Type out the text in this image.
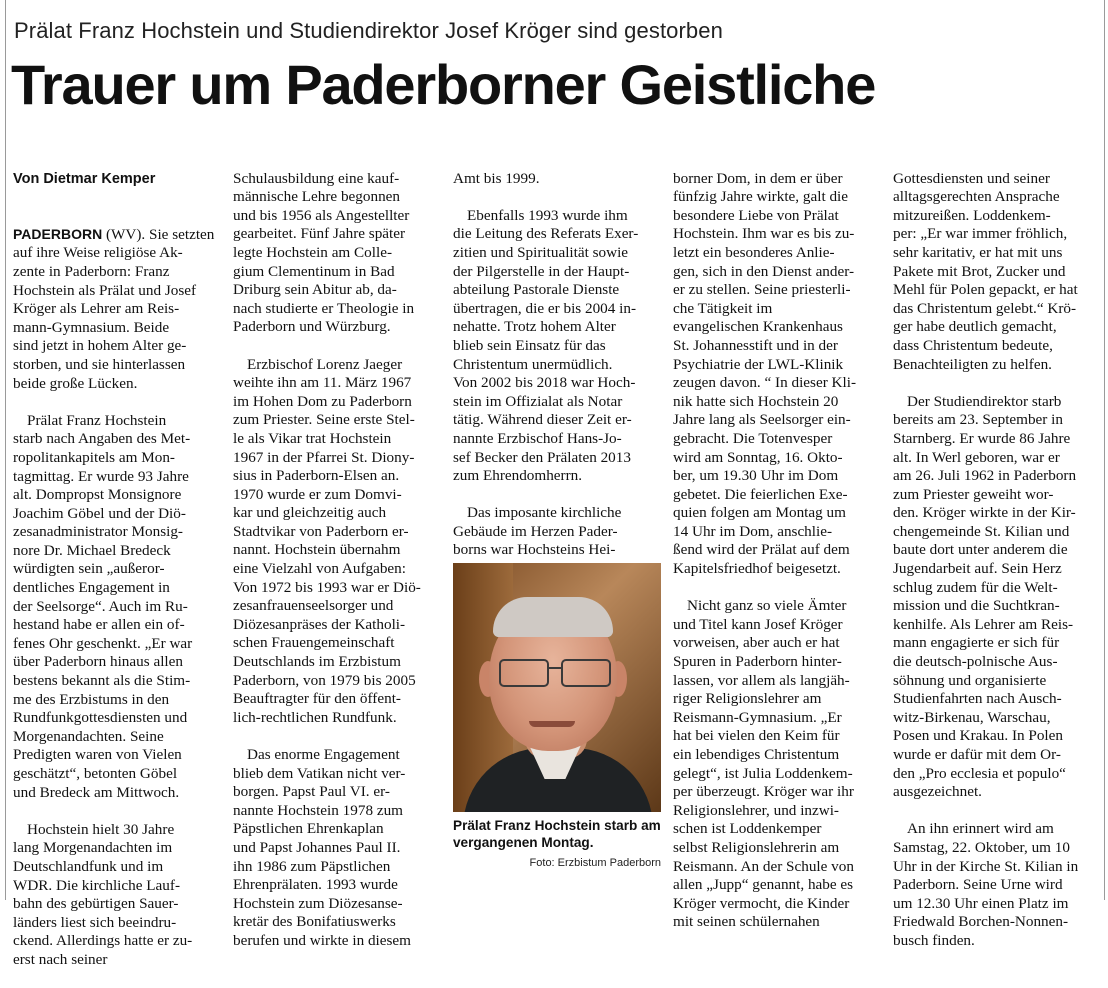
Prälat Franz Hochstein und Studiendirektor Josef Kröger sind gestorben
Trauer um Paderborner Geistliche

Von Dietmar Kemper

PADERBORN (WV). Sie setzten
auf ihre Weise religiöse Ak-
zente in Paderborn: Franz
Hochstein als Prälat und Josef
Kröger als Lehrer am Reis-
mann-Gymnasium. Beide
sind jetzt in hohem Alter ge-
storben, und sie hinterlassen
beide große Lücken.

Prälat Franz Hochstein
starb nach Angaben des Met-
ropolitankapitels am Mon-
tagmittag. Er wurde 93 Jahre
alt. Dompropst Monsignore
Joachim Göbel und der Diö-
zesanadministrator Monsig-
nore Dr. Michael Bredeck
würdigten sein „außeror-
dentliches Engagement in
der Seelsorge“. Auch im Ru-
hestand habe er allen ein of-
fenes Ohr geschenkt. „Er war
über Paderborn hinaus allen
bestens bekannt als die Stim-
me des Erzbistums in den
Rundfunkgottesdiensten und
Morgenandachten. Seine
Predigten waren von Vielen
geschätzt“, betonten Göbel
und Bredeck am Mittwoch.

Hochstein hielt 30 Jahre
lang Morgenandachten im
Deutschlandfunk und im
WDR. Die kirchliche Lauf-
bahn des gebürtigen Sauer-
länders liest sich beeindru-
ckend. Allerdings hatte er zu-
erst nach seiner

Schulausbildung eine kauf-
männische Lehre begonnen
und bis 1956 als Angestellter
gearbeitet. Fünf Jahre später
legte Hochstein am Colle-
gium Clementinum in Bad
Driburg sein Abitur ab, da-
nach studierte er Theologie in
Paderborn und Würzburg.

Erzbischof Lorenz Jaeger
weihte ihn am 11. März 1967
im Hohen Dom zu Paderborn
zum Priester. Seine erste Stel-
le als Vikar trat Hochstein
1967 in der Pfarrei St. Diony-
sius in Paderborn-Elsen an.
1970 wurde er zum Domvi-
kar und gleichzeitig auch
Stadtvikar von Paderborn er-
nannt. Hochstein übernahm
eine Vielzahl von Aufgaben:
Von 1972 bis 1993 war er Diö-
zesanfrauenseelsorger und
Diözesanpräses der Katholi-
schen Frauengemeinschaft
Deutschlands im Erzbistum
Paderborn, von 1979 bis 2005
Beauftragter für den öffent-
lich-rechtlichen Rundfunk.

Das enorme Engagement
blieb dem Vatikan nicht ver-
borgen. Papst Paul VI. er-
nannte Hochstein 1978 zum
Päpstlichen Ehrenkaplan
und Papst Johannes Paul II.
ihn 1986 zum Päpstlichen
Ehrenprälaten. 1993 wurde
Hochstein zum Diözesanse-
kretär des Bonifatiuswerks
berufen und wirkte in diesem

Amt bis 1999.

Ebenfalls 1993 wurde ihm
die Leitung des Referats Exer-
zitien und Spiritualität sowie
der Pilgerstelle in der Haupt-
abteilung Pastorale Dienste
übertragen, die er bis 2004 in-
nehatte. Trotz hohem Alter
blieb sein Einsatz für das
Christentum unermüdlich.
Von 2002 bis 2018 war Hoch-
stein im Offizialat als Notar
tätig. Während dieser Zeit er-
nannte Erzbischof Hans-Jo-
sef Becker den Prälaten 2013
zum Ehrendomherrn.

Das imposante kirchliche
Gebäude im Herzen Pader-
borns war Hochsteins Hei-

Prälat Franz Hochstein starb am vergangenen Montag.
Foto: Erzbistum Paderborn

borner Dom, in dem er über
fünfzig Jahre wirkte, galt die
besondere Liebe von Prälat
Hochstein. Ihm war es bis zu-
letzt ein besonderes Anlie-
gen, sich in den Dienst ander-
er zu stellen. Seine priesterli-
che Tätigkeit im
evangelischen Krankenhaus
St. Johannesstift und in der
Psychiatrie der LWL-Klinik
zeugen davon. “ In dieser Kli-
nik hatte sich Hochstein 20
Jahre lang als Seelsorger ein-
gebracht. Die Totenvesper
wird am Sonntag, 16. Okto-
ber, um 19.30 Uhr im Dom
gebetet. Die feierlichen Exe-
quien folgen am Montag um
14 Uhr im Dom, anschlie-
ßend wird der Prälat auf dem
Kapitelsfriedhof beigesetzt.

Nicht ganz so viele Ämter
und Titel kann Josef Kröger
vorweisen, aber auch er hat
Spuren in Paderborn hinter-
lassen, vor allem als langjäh-
riger Religionslehrer am
Reismann-Gymnasium. „Er
hat bei vielen den Keim für
ein lebendiges Christentum
gelegt“, ist Julia Loddenkem-
per überzeugt. Kröger war ihr
Religionslehrer, und inzwi-
schen ist Loddenkemper
selbst Religionslehrerin am
Reismann. An der Schule von
allen „Jupp“ genannt, habe es
Kröger vermocht, die Kinder
mit seinen schülernahen

Gottesdiensten und seiner
alltagsgerechten Ansprache
mitzureißen. Loddenkem-
per: „Er war immer fröhlich,
sehr karitativ, er hat mit uns
Pakete mit Brot, Zucker und
Mehl für Polen gepackt, er hat
das Christentum gelebt.“ Krö-
ger habe deutlich gemacht,
dass Christentum bedeute,
Benachteiligten zu helfen.

Der Studiendirektor starb
bereits am 23. September in
Starnberg. Er wurde 86 Jahre
alt. In Werl geboren, war er
am 26. Juli 1962 in Paderborn
zum Priester geweiht wor-
den. Kröger wirkte in der Kir-
chengemeinde St. Kilian und
baute dort unter anderem die
Jugendarbeit auf. Sein Herz
schlug zudem für die Welt-
mission und die Suchtkran-
kenhilfe. Als Lehrer am Reis-
mann engagierte er sich für
die deutsch-polnische Aus-
söhnung und organisierte
Studienfahrten nach Ausch-
witz-Birkenau, Warschau,
Posen und Krakau. In Polen
wurde er dafür mit dem Or-
den „Pro ecclesia et populo“
ausgezeichnet.

An ihn erinnert wird am
Samstag, 22. Oktober, um 10
Uhr in der Kirche St. Kilian in
Paderborn. Seine Urne wird
um 12.30 Uhr einen Platz im
Friedwald Borchen-Nonnen-
busch finden.
